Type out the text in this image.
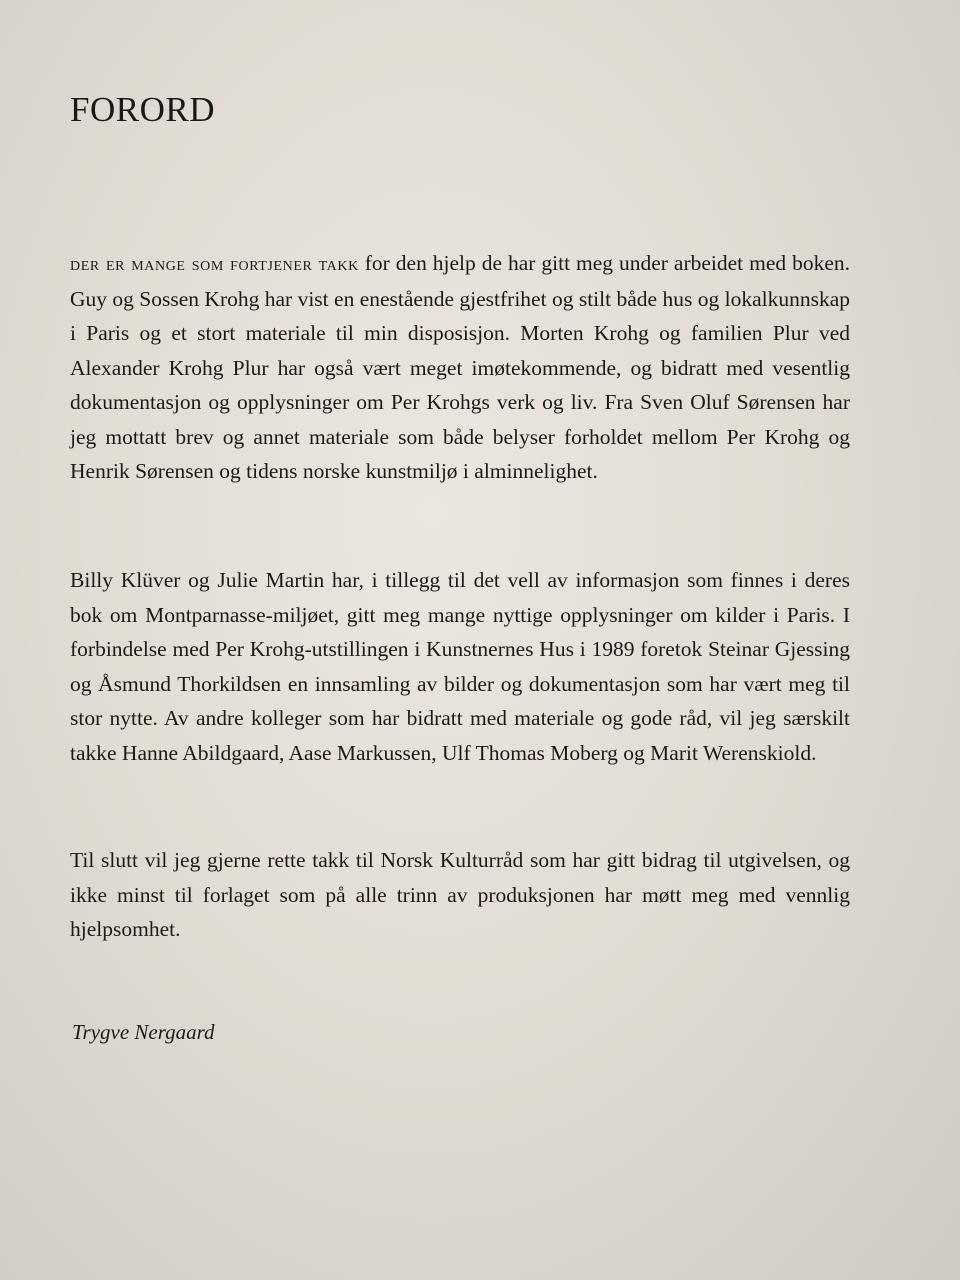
FORORD

der er mange som fortjener takk for den hjelp de har gitt meg under arbeidet med boken. Guy og Sossen Krohg har vist en enestående gjestfrihet og stilt både hus og lokalkunnskap i Paris og et stort materiale til min disposisjon. Morten Krohg og familien Plur ved Alexander Krohg Plur har også vært meget imøtekommende, og bidratt med vesentlig dokumentasjon og opplysninger om Per Krohgs verk og liv. Fra Sven Oluf Sørensen har jeg mottatt brev og annet materiale som både belyser forholdet mellom Per Krohg og Henrik Sørensen og tidens norske kunstmiljø i alminnelighet.

Billy Klüver og Julie Martin har, i tillegg til det vell av informasjon som finnes i deres bok om Montparnasse-miljøet, gitt meg mange nyttige opplysninger om kilder i Paris. I forbindelse med Per Krohg-utstillingen i Kunstnernes Hus i 1989 foretok Steinar Gjessing og Åsmund Thorkildsen en innsamling av bilder og dokumentasjon som har vært meg til stor nytte. Av andre kolleger som har bidratt med materiale og gode råd, vil jeg særskilt takke Hanne Abildgaard, Aase Markussen, Ulf Thomas Moberg og Marit Werenskiold.

Til slutt vil jeg gjerne rette takk til Norsk Kulturråd som har gitt bidrag til utgivelsen, og ikke minst til forlaget som på alle trinn av produksjonen har møtt meg med vennlig hjelpsomhet.

Trygve Nergaard
